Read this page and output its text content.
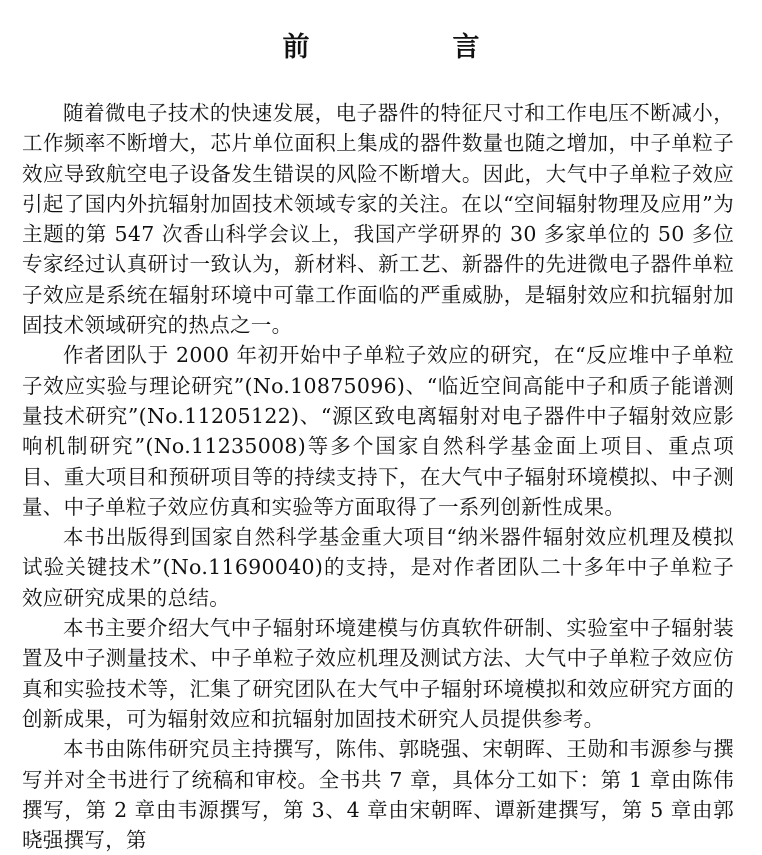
前　言

随着微电子技术的快速发展，电子器件的特征尺寸和工作电压不断减小，工作频率不断增大，芯片单位面积上集成的器件数量也随之增加，中子单粒子效应导致航空电子设备发生错误的风险不断增大。因此，大气中子单粒子效应引起了国内外抗辐射加固技术领域专家的关注。在以“空间辐射物理及应用”为主题的第 547 次香山科学会议上，我国产学研界的 30 多家单位的 50 多位专家经过认真研讨一致认为，新材料、新工艺、新器件的先进微电子器件单粒子效应是系统在辐射环境中可靠工作面临的严重威胁，是辐射效应和抗辐射加固技术领域研究的热点之一。

作者团队于 2000 年初开始中子单粒子效应的研究，在“反应堆中子单粒子效应实验与理论研究”(No.10875096)、“临近空间高能中子和质子能谱测量技术研究”(No.11205122)、“源区致电离辐射对电子器件中子辐射效应影响机制研究”(No.11235008)等多个国家自然科学基金面上项目、重点项目、重大项目和预研项目等的持续支持下，在大气中子辐射环境模拟、中子测量、中子单粒子效应仿真和实验等方面取得了一系列创新性成果。

本书出版得到国家自然科学基金重大项目“纳米器件辐射效应机理及模拟试验关键技术”(No.11690040)的支持，是对作者团队二十多年中子单粒子效应研究成果的总结。

本书主要介绍大气中子辐射环境建模与仿真软件研制、实验室中子辐射装置及中子测量技术、中子单粒子效应机理及测试方法、大气中子单粒子效应仿真和实验技术等，汇集了研究团队在大气中子辐射环境模拟和效应研究方面的创新成果，可为辐射效应和抗辐射加固技术研究人员提供参考。

本书由陈伟研究员主持撰写，陈伟、郭晓强、宋朝晖、王勋和韦源参与撰写并对全书进行了统稿和审校。全书共 7 章，具体分工如下：第 1 章由陈伟撰写，第 2 章由韦源撰写，第 3、4 章由宋朝晖、谭新建撰写，第 5 章由郭晓强撰写，第
